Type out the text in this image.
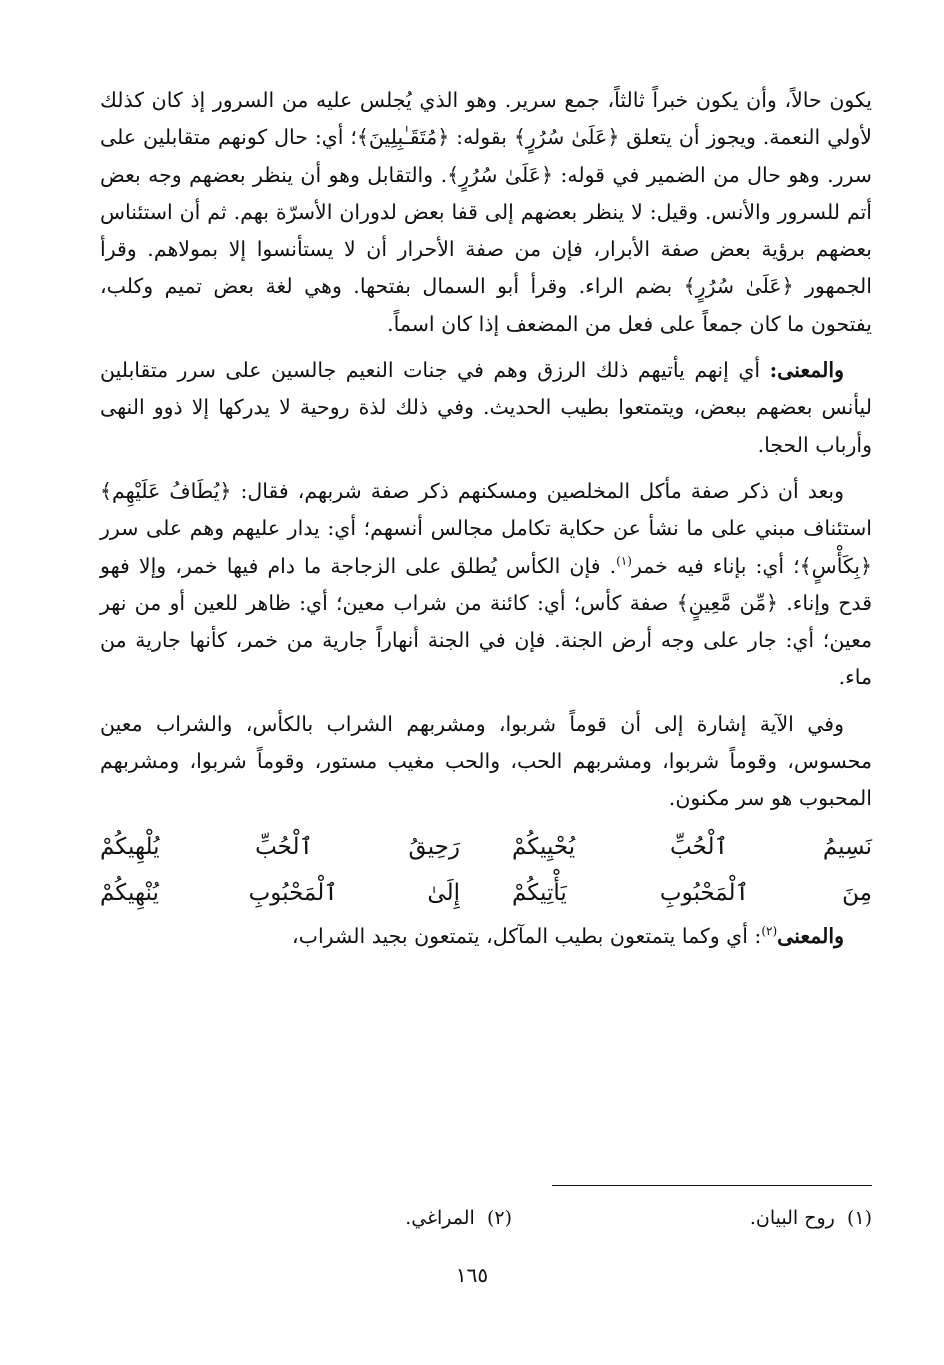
يكون حالاً، وأن يكون خبراً ثالثاً، جمع سرير. وهو الذي يُجلس عليه من السرور إذ كان كذلك لأولي النعمة. ويجوز أن يتعلق ﴿عَلَىٰ سُرُرٍ﴾ بقوله: ﴿مُتَقَـٰبِلِينَ﴾؛ أي: حال كونهم متقابلين على سرر. وهو حال من الضمير في قوله: ﴿عَلَىٰ سُرُرٍ﴾. والتقابل وهو أن ينظر بعضهم وجه بعض أتم للسرور والأنس. وقيل: لا ينظر بعضهم إلى قفا بعض لدوران الأسرّة بهم. ثم أن استئناس بعضهم برؤية بعض صفة الأبرار، فإن من صفة الأحرار أن لا يستأنسوا إلا بمولاهم. وقرأ الجمهور ﴿عَلَىٰ سُرُرٍ﴾ بضم الراء. وقرأ أبو السمال بفتحها. وهي لغة بعض تميم وكلب، يفتحون ما كان جمعاً على فعل من المضعف إذا كان اسماً.

والمعنى: أي إنهم يأتيهم ذلك الرزق وهم في جنات النعيم جالسين على سرر متقابلين ليأنس بعضهم ببعض، ويتمتعوا بطيب الحديث. وفي ذلك لذة روحية لا يدركها إلا ذوو النهى وأرباب الحجا.

وبعد أن ذكر صفة مأكل المخلصين ومسكنهم ذكر صفة شربهم، فقال: ﴿يُطَافُ عَلَيْهِم﴾ استئناف مبني على ما نشأ عن حكاية تكامل مجالس أنسهم؛ أي: يدار عليهم وهم على سرر ﴿بِكَأْسٍ﴾؛ أي: بإناء فيه خمر$^{(١)}$. فإن الكأس يُطلق على الزجاجة ما دام فيها خمر، وإلا فهو قدح وإناء. ﴿مِّن مَّعِينٍ﴾ صفة كأس؛ أي: كائنة من شراب معين؛ أي: ظاهر للعين أو من نهر معين؛ أي: جار على وجه أرض الجنة. فإن في الجنة أنهاراً جارية من خمر، كأنها جارية من ماء.

وفي الآية إشارة إلى أن قوماً شربوا، ومشربهم الشراب بالكأس، والشراب معين محسوس، وقوماً شربوا، ومشربهم الحب، والحب مغيب مستور، وقوماً شربوا، ومشربهم المحبوب هو سر مكنون.

نَسِيمُ ٱلْحُبِّ يُحْيِيكُمْ
رَحِيقُ ٱلْحُبِّ يُلْهِيكُمْ
مِنَ ٱلْمَحْبُوبِ يَأْتِيكُمْ
إِلَىٰ ٱلْمَحْبُوبِ يُنْهِيكُمْ

والمعنى$^{(٢)}$: أي وكما يتمتعون بطيب المآكل، يتمتعون بجيد الشراب،

(١)  روح البيان.
(٢)  المراغي.
١٦٥
